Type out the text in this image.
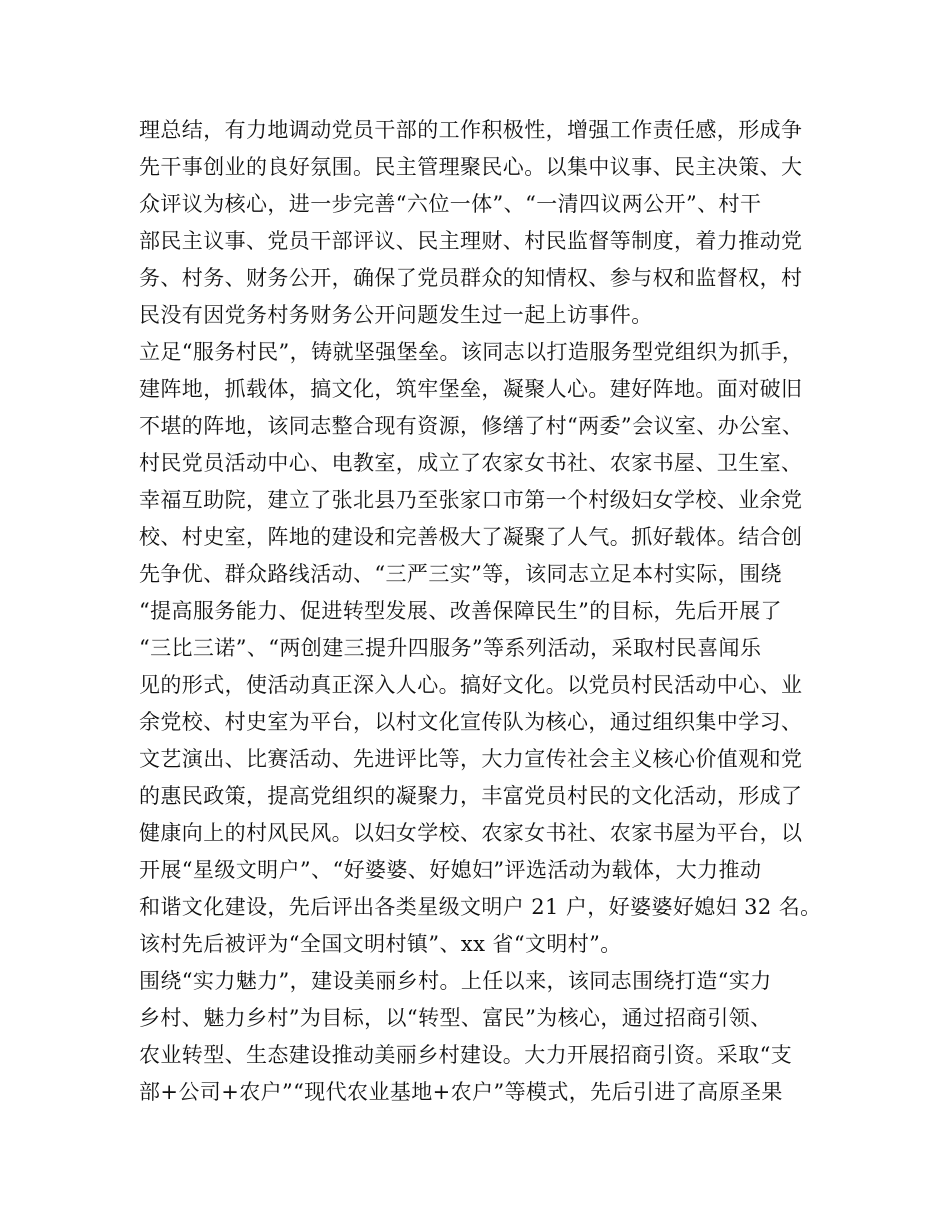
理总结，有力地调动党员干部的工作积极性，增强工作责任感，形成争
先干事创业的良好氛围。民主管理聚民心。以集中议事、民主决策、大
众评议为核心，进一步完善“六位一体”、“一清四议两公开”、村干
部民主议事、党员干部评议、民主理财、村民监督等制度，着力推动党
务、村务、财务公开，确保了党员群众的知情权、参与权和监督权，村
民没有因党务村务财务公开问题发生过一起上访事件。
立足“服务村民”，铸就坚强堡垒。该同志以打造服务型党组织为抓手，
建阵地，抓载体，搞文化，筑牢堡垒，凝聚人心。建好阵地。面对破旧
不堪的阵地，该同志整合现有资源，修缮了村“两委”会议室、办公室、
村民党员活动中心、电教室，成立了农家女书社、农家书屋、卫生室、
幸福互助院，建立了张北县乃至张家口市第一个村级妇女学校、业余党
校、村史室，阵地的建设和完善极大了凝聚了人气。抓好载体。结合创
先争优、群众路线活动、“三严三实”等，该同志立足本村实际，围绕
“提高服务能力、促进转型发展、改善保障民生”的目标，先后开展了
“三比三诺”、“两创建三提升四服务”等系列活动，采取村民喜闻乐
见的形式，使活动真正深入人心。搞好文化。以党员村民活动中心、业
余党校、村史室为平台，以村文化宣传队为核心，通过组织集中学习、
文艺演出、比赛活动、先进评比等，大力宣传社会主义核心价值观和党
的惠民政策，提高党组织的凝聚力，丰富党员村民的文化活动，形成了
健康向上的村风民风。以妇女学校、农家女书社、农家书屋为平台，以
开展“星级文明户”、“好婆婆、好媳妇”评选活动为载体，大力推动
和谐文化建设，先后评出各类星级文明户 21 户，好婆婆好媳妇 32 名。
该村先后被评为“全国文明村镇”、xx 省“文明村”。
围绕“实力魅力”，建设美丽乡村。上任以来，该同志围绕打造“实力
乡村、魅力乡村”为目标，以“转型、富民”为核心，通过招商引领、
农业转型、生态建设推动美丽乡村建设。大力开展招商引资。采取“支
部+公司+农户”“现代农业基地+农户”等模式，先后引进了高原圣果
